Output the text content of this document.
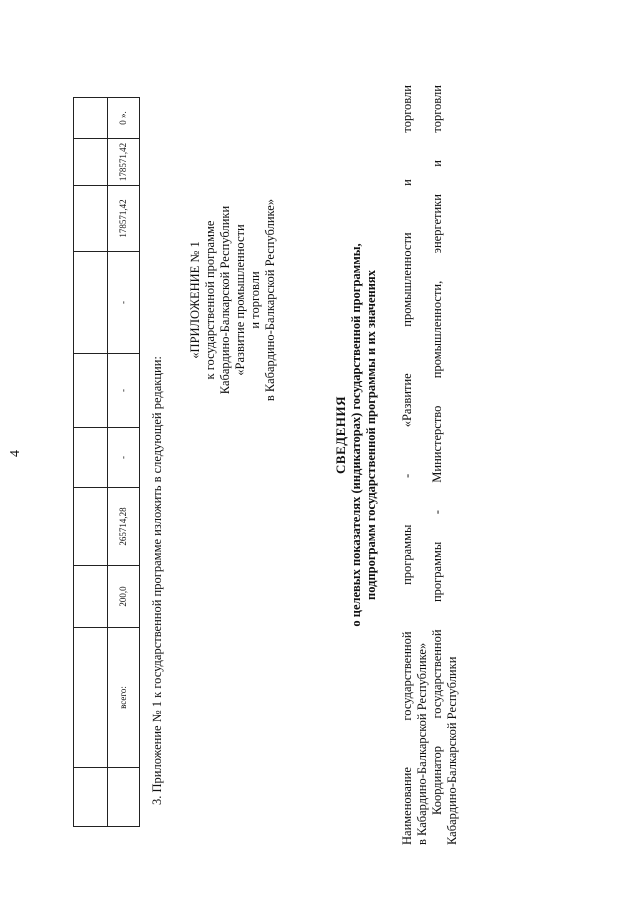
всего:
200,0
265714,28
-
-
-
178571,42
178571,42
0 ».
4	3. Приложение № 1 к государственной программе изложить в следующей редакции:
«ПРИЛОЖЕНИЕ № 1 к государственной программе Кабардино-Балкарской Республики «Развитие промышленности и торговли в Кабардино-Балкарской Республике»
СВЕДЕНИЯ о целевых показателях (индикаторах) государственной программы, подпрограмм государственной программы и их значениях
Наименование
государственной
программы
-
«Развитие
промышленности
и
торговли
в Кабардино-Балкарской Республике» Координатор
государственной
программы
-
Министерство
промышленности,
энергетики
и
торговли
Кабардино-Балкарской Республики
